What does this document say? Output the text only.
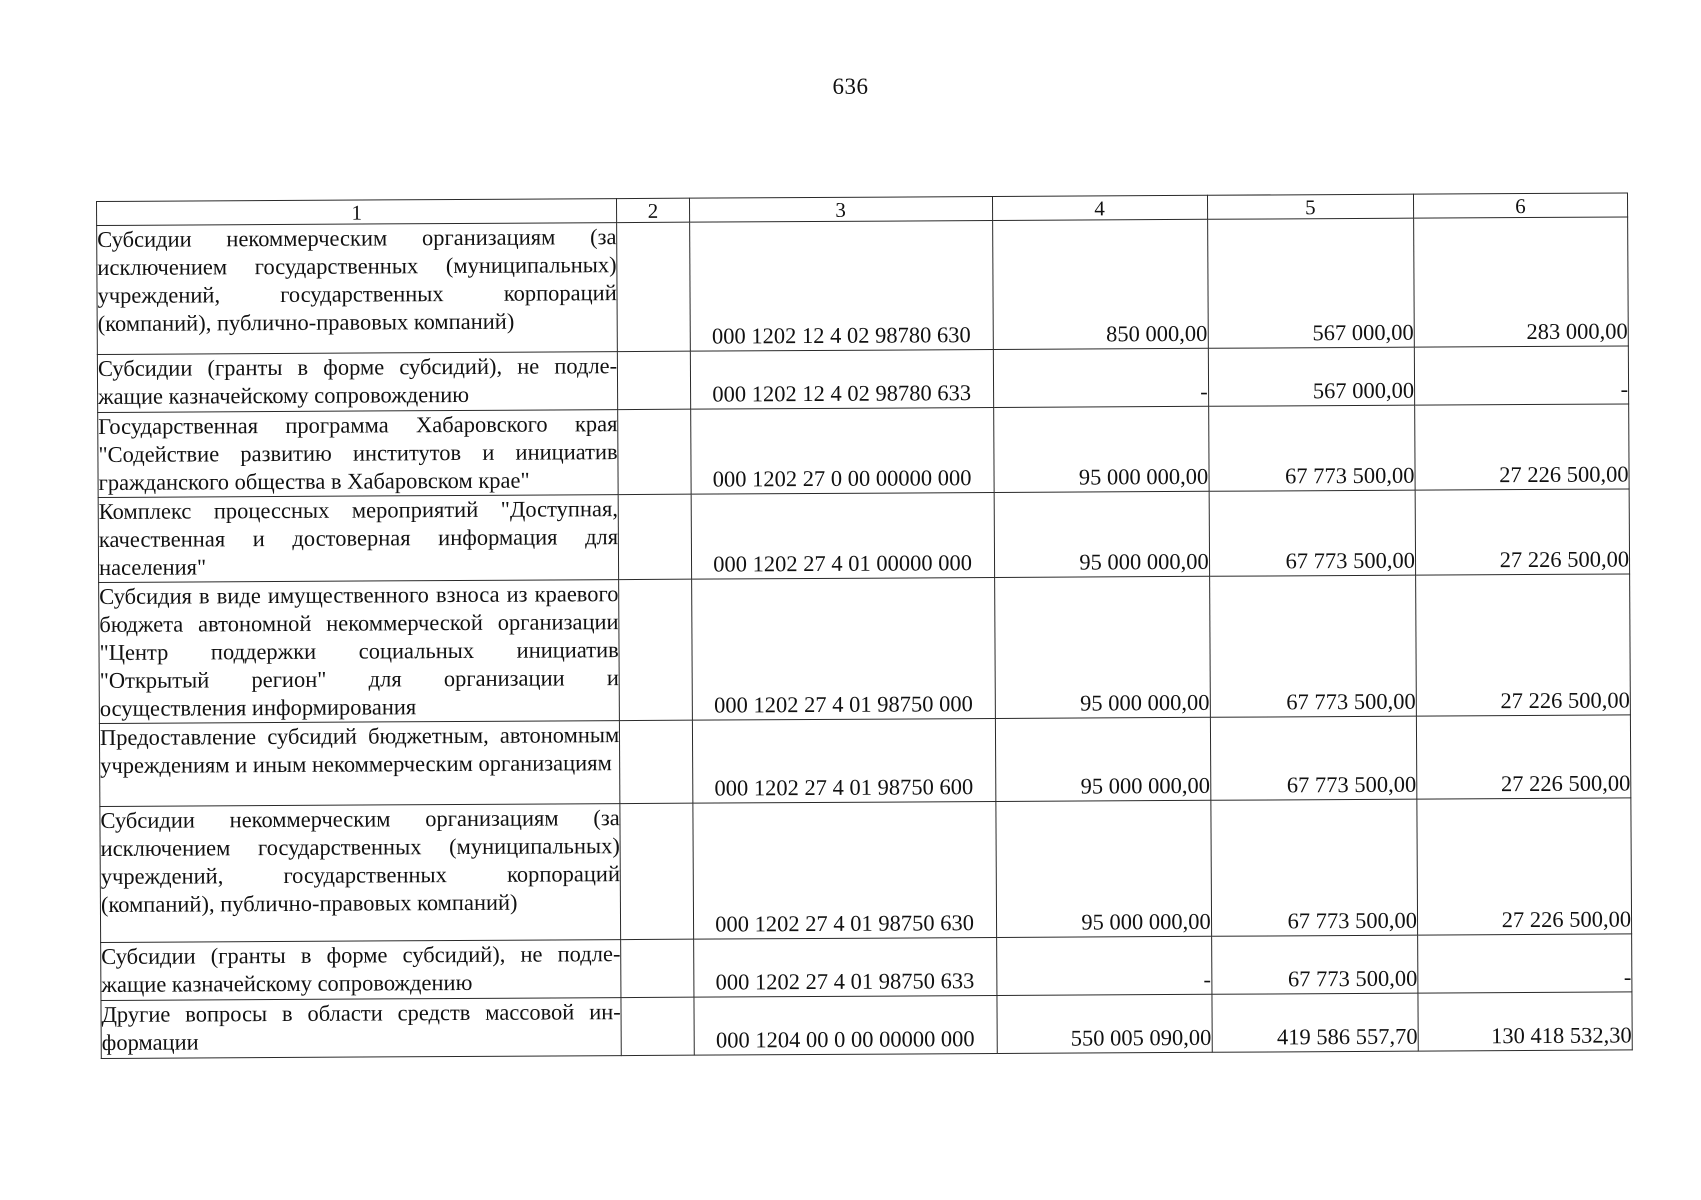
636
1	2	3	4	5	6
Субсидии некоммерческим организациям (за исключением государственных (муниципальных) учреждений, государственных корпораций (компаний), публично-правовых компаний)		000 1202 12 4 02 98780 630	850 000,00	567 000,00	283 000,00
Субсидии (гранты в форме субсидий), не подлежащие казначейскому сопровождению		000 1202 12 4 02 98780 633	-	567 000,00	-
Государственная программа Хабаровского края "Содействие развитию институтов и инициатив гражданского общества в Хабаровском крае"		000 1202 27 0 00 00000 000	95 000 000,00	67 773 500,00	27 226 500,00
Комплекс процессных мероприятий "Доступная, качественная и достоверная информация для населения"		000 1202 27 4 01 00000 000	95 000 000,00	67 773 500,00	27 226 500,00
Субсидия в виде имущественного взноса из краевого бюджета автономной некоммерческой организации "Центр поддержки социальных инициатив "Открытый регион" для организации и осуществления информирования		000 1202 27 4 01 98750 000	95 000 000,00	67 773 500,00	27 226 500,00
Предоставление субсидий бюджетным, автономным учреждениям и иным некоммерческим организациям		000 1202 27 4 01 98750 600	95 000 000,00	67 773 500,00	27 226 500,00
Субсидии некоммерческим организациям (за исключением государственных (муниципальных) учреждений, государственных корпораций (компаний), публично-правовых компаний)		000 1202 27 4 01 98750 630	95 000 000,00	67 773 500,00	27 226 500,00
Субсидии (гранты в форме субсидий), не подлежащие казначейскому сопровождению		000 1202 27 4 01 98750 633	-	67 773 500,00	-
Другие вопросы в области средств массовой информации		000 1204 00 0 00 00000 000	550 005 090,00	419 586 557,70	130 418 532,30
